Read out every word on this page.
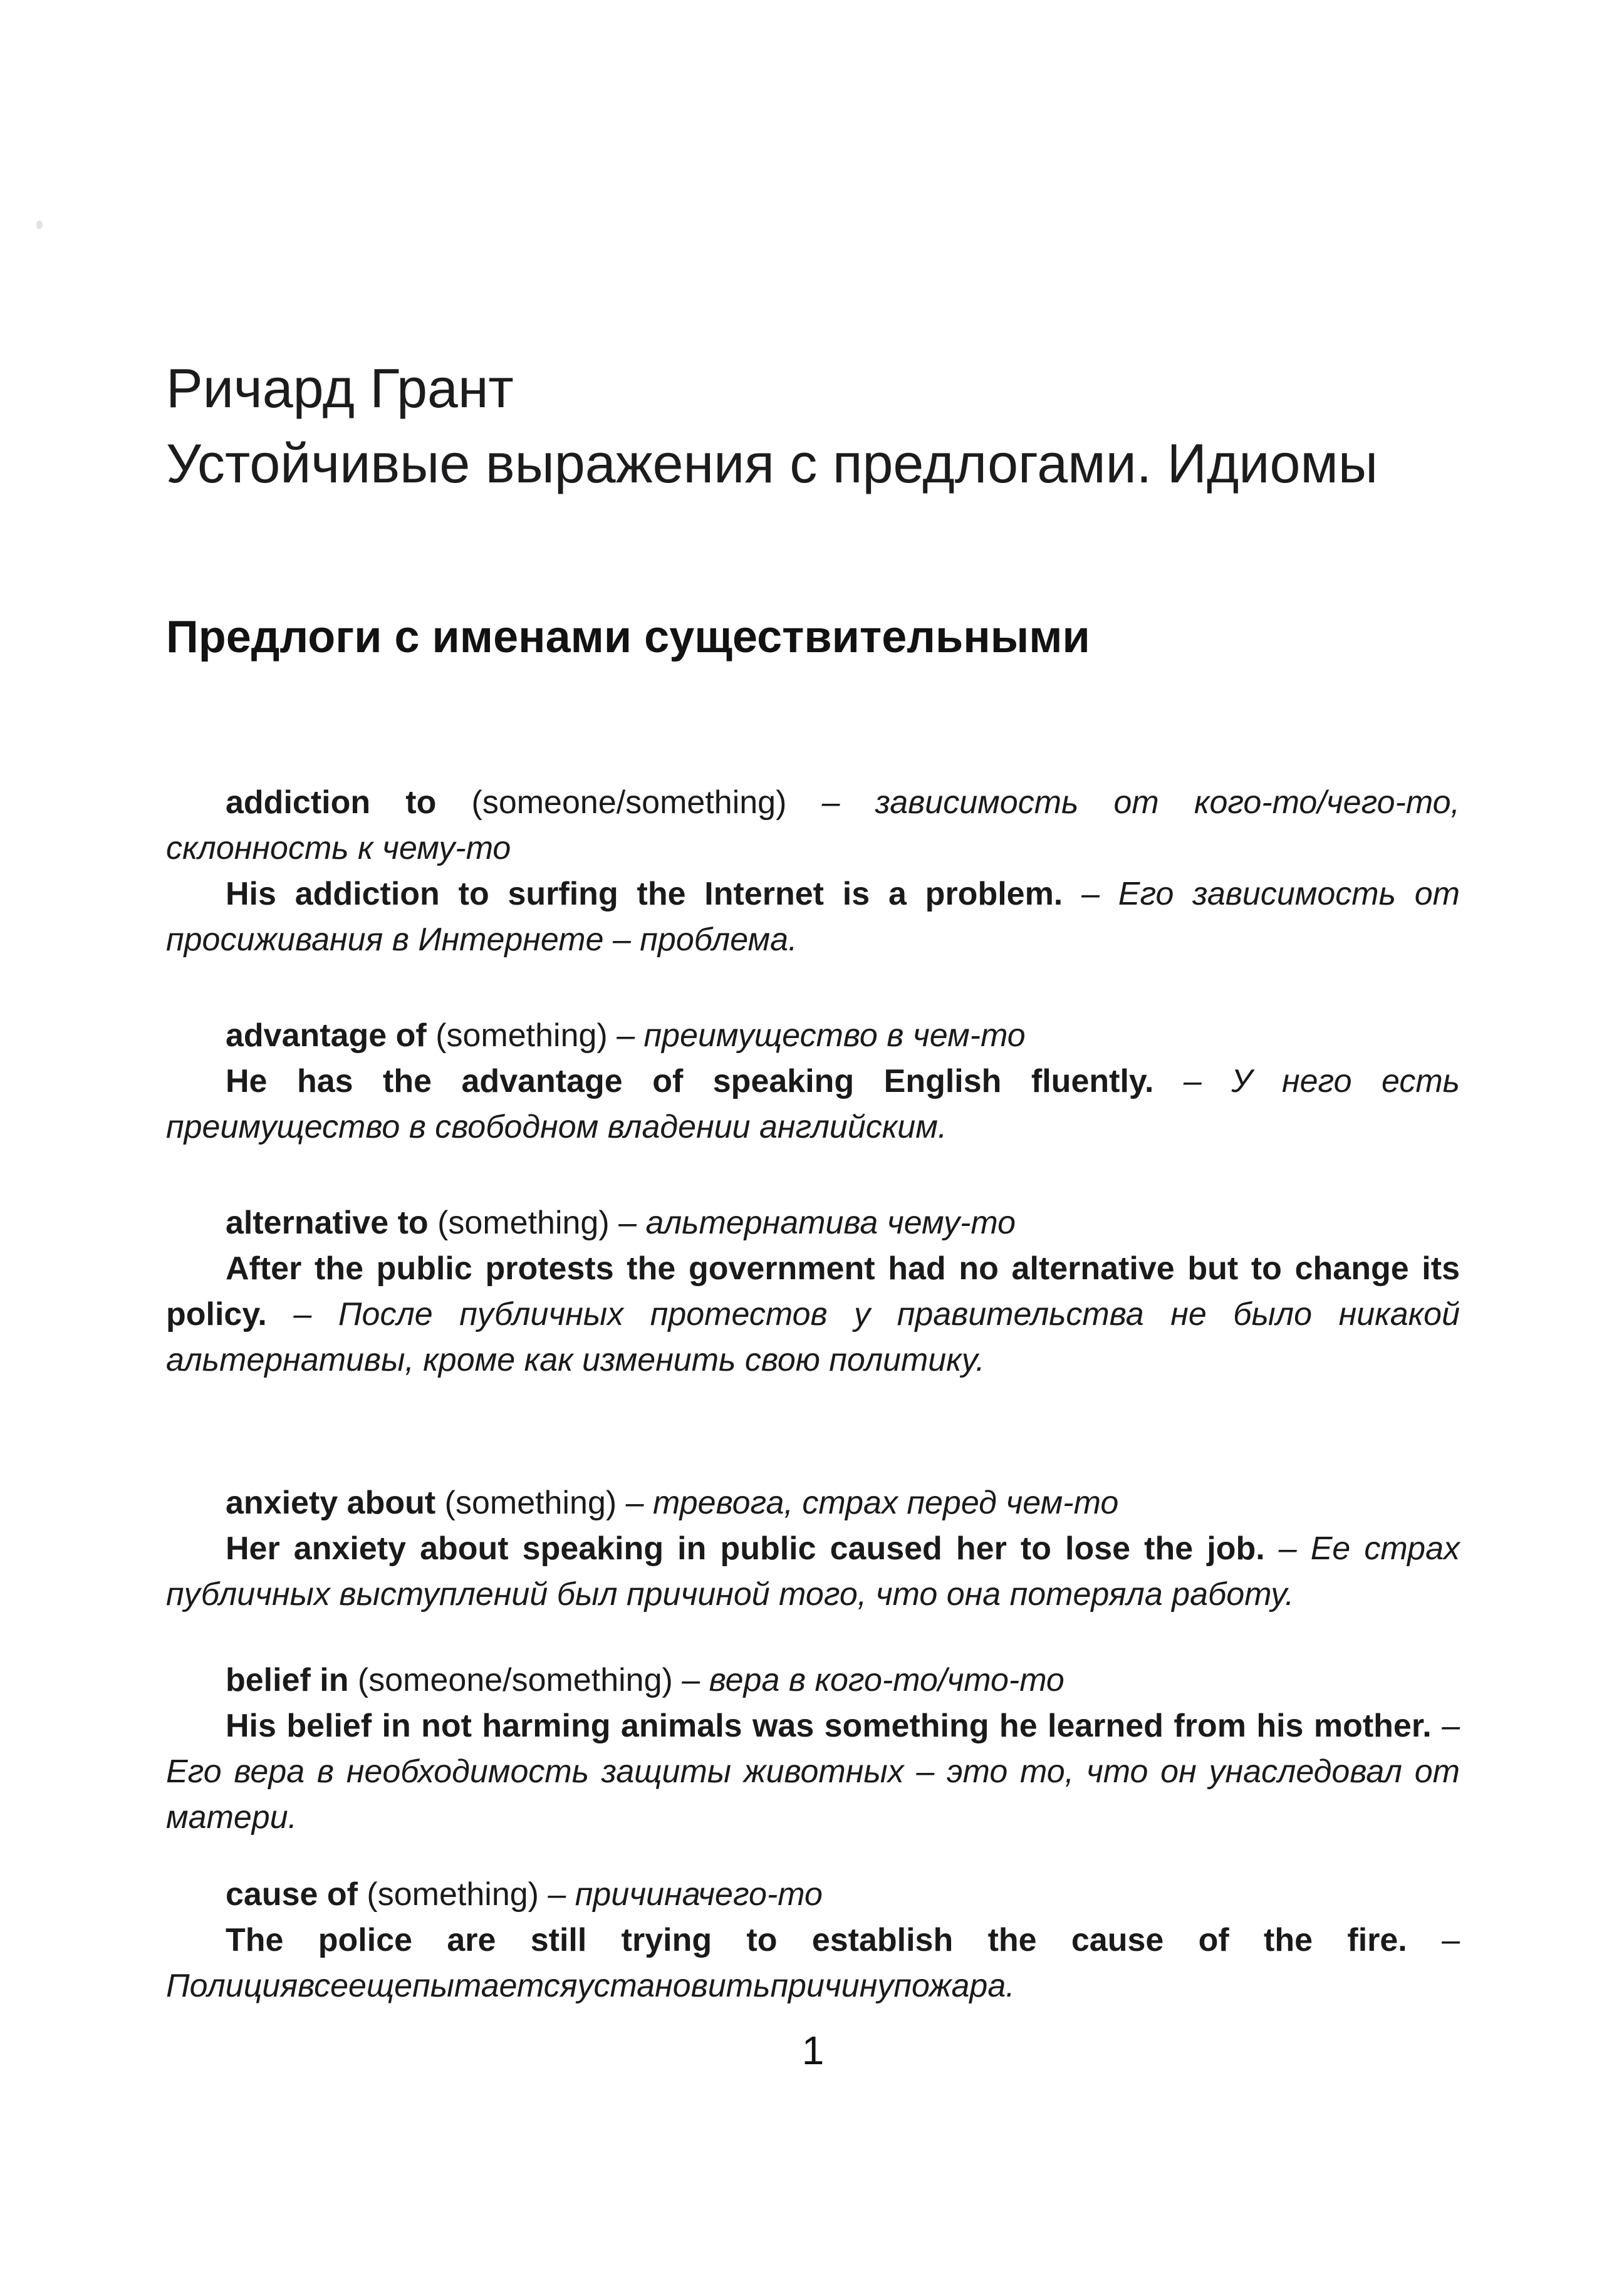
Ричард Грант
Устойчивые выражения с предлогами. Идиомы
Предлоги с именами существительными

addiction to (someone/something) – зависимость от кого-то/чего-то, склонность к чему-то

His addiction to surfing the Internet is a problem. – Его зависимость от просиживания в Интернете – проблема.

advantage of (something) – преимущество в чем-то

He has the advantage of speaking English fluently. – У него есть преимущество в свободном владении английским.

alternative to (something) – альтернатива чему-то

After the public protests the government had no alternative but to change its policy. – После публичных протестов у правительства не было никакой альтернативы, кроме как изменить свою политику.

anxiety about (something) – тревога, страх перед чем-то

Her anxiety about speaking in public caused her to lose the job. – Ее страх публичных выступлений был причиной того, что она потеряла работу.

belief in (someone/something) – вера в кого-то/что-то

His belief in not harming animals was something he learned from his mother. – Его вера в необходимость защиты животных – это то, что он унаследовал от матери.

cause of (something) – причиначего-то

The police are still trying to establish the cause of the fire. – Полициявсеещепытаетсяустановитьпричинупожара.

1
